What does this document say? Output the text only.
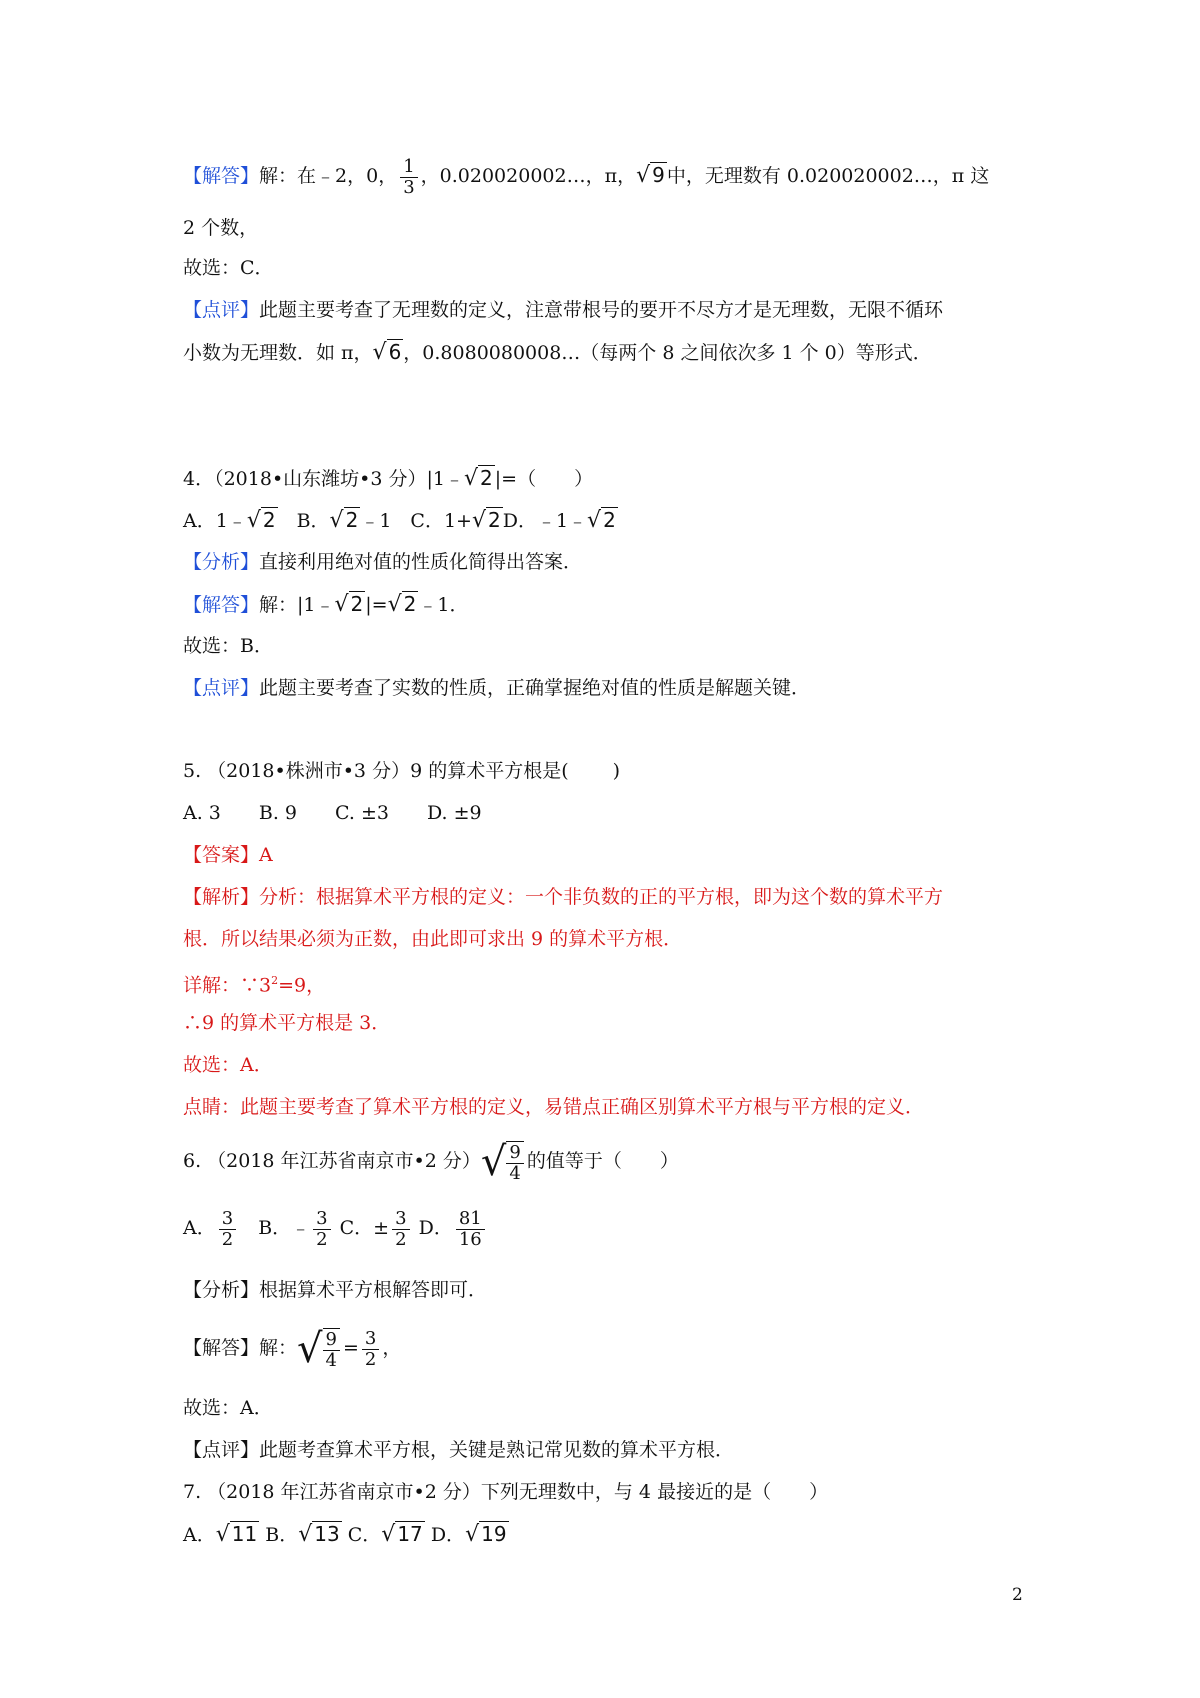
【解答】解：在﹣2，0， $\frac{1}{3}$ ，0.020020002…，π，√ 9 中，无理数有 0.020020002…，π 这
2 个数，
故选：C．
【点评】此题主要考查了无理数的定义，注意带根号的要开不尽方才是无理数，无限不循环
小数为无理数．如 π，√ 6 ，0.8080080008…（每两个 8 之间依次多 1 个 0）等形式．
4．（2018•山东潍坊•3 分）|1﹣√ 2 |=（　　）
A．1﹣√ 2　B．√ 2 ﹣1　C．1+√ 2 D．﹣1﹣√ 2
【分析】直接利用绝对值的性质化简得出答案．
【解答】解：|1﹣√ 2 |=√ 2 ﹣1．
故选：B．
【点评】此题主要考查了实数的性质，正确掌握绝对值的性质是解题关键．
5. （2018•株洲市•3 分）9 的算术平方根是(　　 )
A. 3　　B. 9　　C. ±3　　D. ±9
【答案】A
【解析】分析：根据算术平方根的定义：一个非负数的正的平方根，即为这个数的算术平方
根．所以结果必须为正数，由此即可求出 9 的算术平方根．
详解：$\because 3^2=9$，
∴9 的算术平方根是 3．
故选：A．
点睛：此题主要考查了算术平方根的定义，易错点正确区别算术平方根与平方根的定义．
6. （2018 年江苏省南京市•2 分） √ $\frac{9}{4}$ 的值等于（　　）
A． $\frac{3}{2}$ 　B．﹣ $\frac{3}{2}$ C．± $\frac{3}{2}$ D． $\frac{81}{16}$
【分析】根据算术平方根解答即可．
【解答】解： √ $\frac{9}{4} = \frac{3}{2}$ ，
故选：A．
【点评】此题考查算术平方根，关键是熟记常见数的算术平方根．
7. （2018 年江苏省南京市•2 分）下列无理数中，与 4 最接近的是（　　）
A．√ 11 B．√ 13 C．√ 17 D．√ 19
2
